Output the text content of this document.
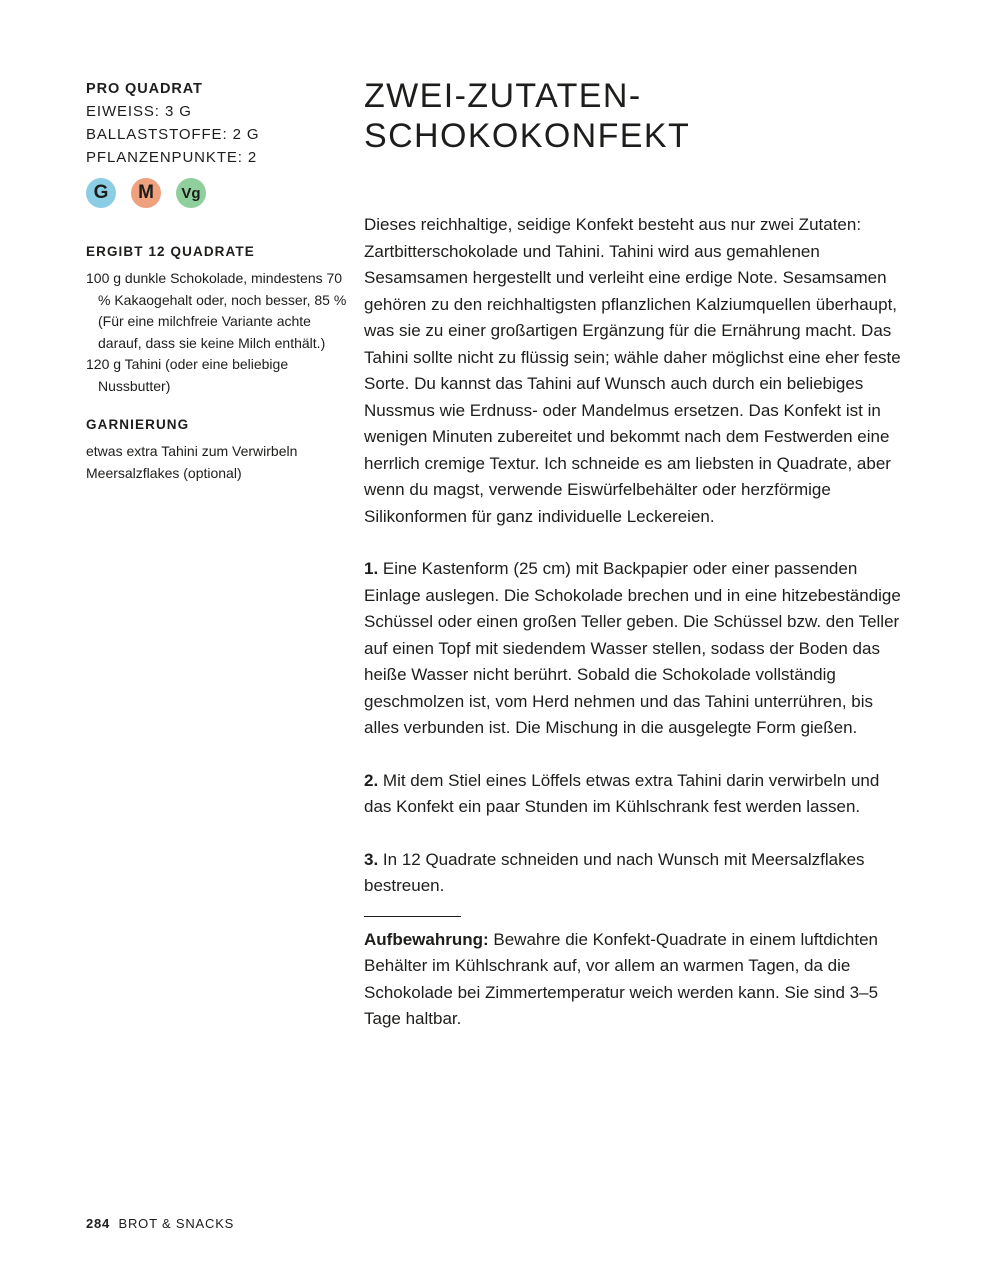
PRO QUADRAT
EIWEISS: 3 G
BALLASTSTOFFE: 2 G
PFLANZENPUNKTE: 2
G	M	Vg
ERGIBT 12 QUADRATE
100 g dunkle Schokolade, mindestens 70 % Kakaogehalt oder, noch besser, 85 % (Für eine milchfreie Variante achte darauf, dass sie keine Milch enthält.)
120 g Tahini (oder eine beliebige Nussbutter)
GARNIERUNG
etwas extra Tahini zum Verwirbeln
Meersalzflakes (optional)
ZWEI-ZUTATEN-
SCHOKOKONFEKT

Dieses reichhaltige, seidige Konfekt besteht aus nur zwei Zutaten: Zartbitterschokolade und Tahini. Tahini wird aus gemahlenen Sesamsamen hergestellt und verleiht eine erdige Note. Sesamsamen gehören zu den reichhaltigsten pflanzlichen Kalziumquellen überhaupt, was sie zu einer großartigen Ergänzung für die Ernährung macht. Das Tahini sollte nicht zu flüssig sein; wähle daher möglichst eine eher feste Sorte. Du kannst das Tahini auf Wunsch auch durch ein beliebiges Nussmus wie Erdnuss- oder Mandelmus ersetzen. Das Konfekt ist in wenigen Minuten zubereitet und bekommt nach dem Festwerden eine herrlich cremige Textur. Ich schneide es am liebsten in Quadrate, aber wenn du magst, verwende Eiswürfelbehälter oder herzförmige Silikonformen für ganz individuelle Leckereien.

1. Eine Kastenform (25 cm) mit Backpapier oder einer passenden Einlage auslegen. Die Schokolade brechen und in eine hitzebeständige Schüssel oder einen großen Teller geben. Die Schüssel bzw. den Teller auf einen Topf mit siedendem Wasser stellen, sodass der Boden das heiße Wasser nicht berührt. Sobald die Schokolade vollständig geschmolzen ist, vom Herd nehmen und das Tahini unterrühren, bis alles verbunden ist. Die Mischung in die ausgelegte Form gießen.

2. Mit dem Stiel eines Löffels etwas extra Tahini darin verwirbeln und das Konfekt ein paar Stunden im Kühlschrank fest werden lassen.

3. In 12 Quadrate schneiden und nach Wunsch mit Meersalzflakes bestreuen.

Aufbewahrung: Bewahre die Konfekt-Quadrate in einem luftdichten Behälter im Kühlschrank auf, vor allem an warmen Tagen, da die Schokolade bei Zimmertemperatur weich werden kann. Sie sind 3–5 Tage haltbar.

284 BROT & SNACKS
